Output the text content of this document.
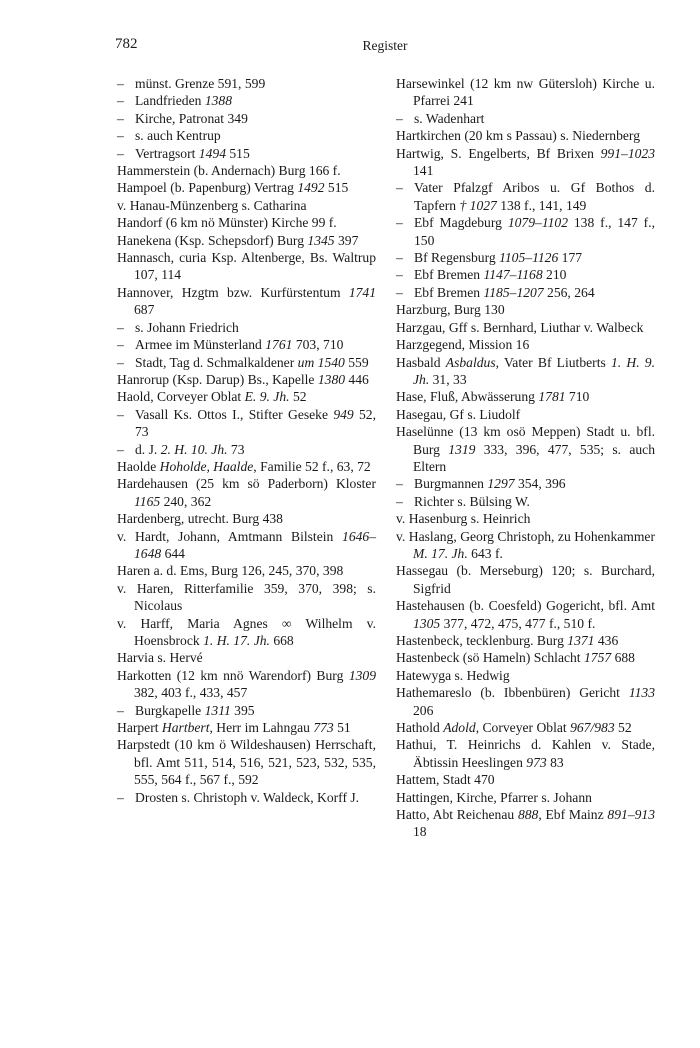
782	Register

– münst. Grenze 591, 599

– Landfrieden 1388

– Kirche, Patronat 349

– s. auch Kentrup

– Vertragsort 1494 515

Hammerstein (b. Andernach) Burg 166 f.

Hampoel (b. Papenburg) Vertrag 1492 515

v. Hanau-Münzenberg s. Catharina

Handorf (6 km nö Münster) Kirche 99 f.

Hanekena (Ksp. Schepsdorf) Burg 1345 397

Hannasch, curia Ksp. Altenberge, Bs. Waltrup 107, 114

Hannover, Hzgtm bzw. Kurfürstentum 1741 687

– s. Johann Friedrich

– Armee im Münsterland 1761 703, 710

– Stadt, Tag d. Schmalkaldener um 1540 559

Hanrorup (Ksp. Darup) Bs., Kapelle 1380 446

Haold, Corveyer Oblat E. 9. Jh. 52

– Vasall Ks. Ottos I., Stifter Geseke 949 52, 73

– d. J. 2. H. 10. Jh. 73

Haolde Hoholde, Haalde, Familie 52 f., 63, 72

Hardehausen (25 km sö Paderborn) Kloster 1165 240, 362

Hardenberg, utrecht. Burg 438

v. Hardt, Johann, Amtmann Bilstein 1646–1648 644

Haren a. d. Ems, Burg 126, 245, 370, 398

v. Haren, Ritterfamilie 359, 370, 398; s. Nicolaus

v. Harff, Maria Agnes ∞ Wilhelm v. Hoensbrock 1. H. 17. Jh. 668

Harvia s. Hervé

Harkotten (12 km nnö Warendorf) Burg 1309 382, 403 f., 433, 457

– Burgkapelle 1311 395

Harpert Hartbert, Herr im Lahngau 773 51

Harpstedt (10 km ö Wildeshausen) Herrschaft, bfl. Amt 511, 514, 516, 521, 523, 532, 535, 555, 564 f., 567 f., 592

– Drosten s. Christoph v. Waldeck, Korff J.

Harsewinkel (12 km nw Gütersloh) Kirche u. Pfarrei 241

– s. Wadenhart

Hartkirchen (20 km s Passau) s. Niedernberg

Hartwig, S. Engelberts, Bf Brixen 991–1023 141

– Vater Pfalzgf Aribos u. Gf Bothos d. Tapfern † 1027 138 f., 141, 149

– Ebf Magdeburg 1079–1102 138 f., 147 f., 150

– Bf Regensburg 1105–1126 177

– Ebf Bremen 1147–1168 210

– Ebf Bremen 1185–1207 256, 264

Harzburg, Burg 130

Harzgau, Gff s. Bernhard, Liuthar v. Walbeck

Harzgegend, Mission 16

Hasbald Asbaldus, Vater Bf Liutberts 1. H. 9. Jh. 31, 33

Hase, Fluß, Abwässerung 1781 710

Hasegau, Gf s. Liudolf

Haselünne (13 km osö Meppen) Stadt u. bfl. Burg 1319 333, 396, 477, 535; s. auch Eltern

– Burgmannen 1297 354, 396

– Richter s. Bülsing W.

v. Hasenburg s. Heinrich

v. Haslang, Georg Christoph, zu Hohenkammer M. 17. Jh. 643 f.

Hassegau (b. Merseburg) 120; s. Burchard, Sigfrid

Hastehausen (b. Coesfeld) Gogericht, bfl. Amt 1305 377, 472, 475, 477 f., 510 f.

Hastenbeck, tecklenburg. Burg 1371 436

Hastenbeck (sö Hameln) Schlacht 1757 688

Hatewyga s. Hedwig

Hathemareslo (b. Ibbenbüren) Gericht 1133 206

Hathold Adold, Corveyer Oblat 967/983 52

Hathui, T. Heinrichs d. Kahlen v. Stade, Äbtissin Heeslingen 973 83

Hattem, Stadt 470

Hattingen, Kirche, Pfarrer s. Johann

Hatto, Abt Reichenau 888, Ebf Mainz 891–913 18
